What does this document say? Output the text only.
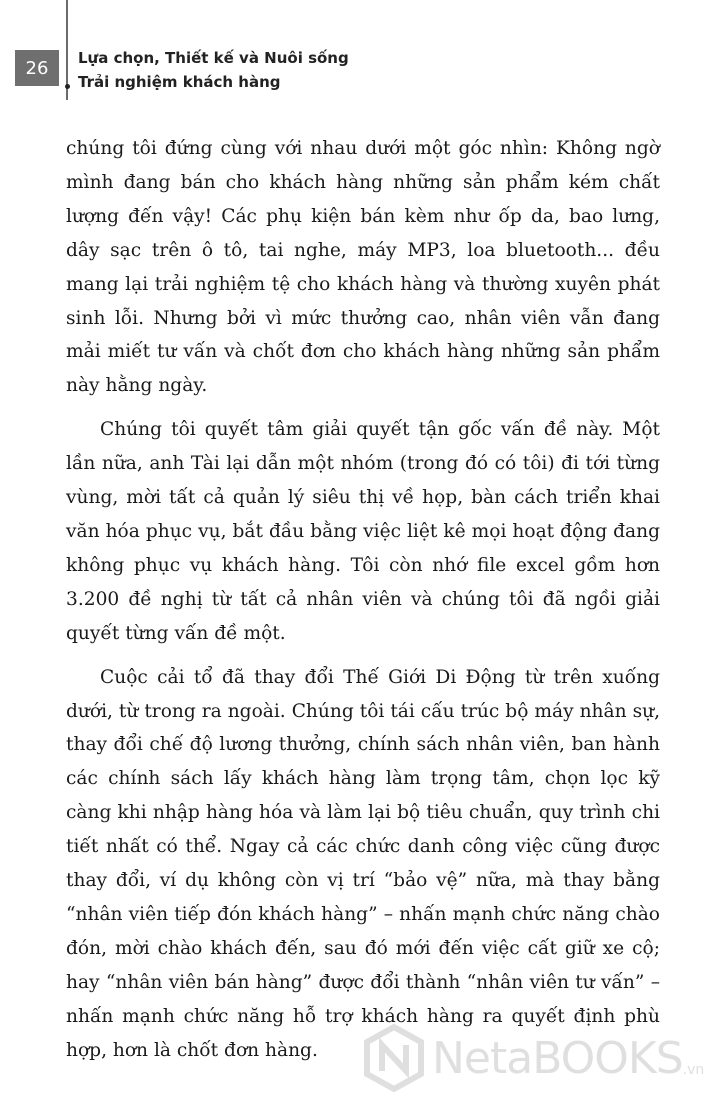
26	Lựa chọn, Thiết kế và Nuôi sống
Trải nghiệm khách hàng

chúng tôi đứng cùng với nhau dưới một góc nhìn: Không ngờ mình đang bán cho khách hàng những sản phẩm kém chất lượng đến vậy! Các phụ kiện bán kèm như ốp da, bao lưng, dây sạc trên ô tô, tai nghe, máy MP3, loa bluetooth... đều mang lại trải nghiệm tệ cho khách hàng và thường xuyên phát sinh lỗi. Nhưng bởi vì mức thưởng cao, nhân viên vẫn đang mải miết tư vấn và chốt đơn cho khách hàng những sản phẩm này hằng ngày.

Chúng tôi quyết tâm giải quyết tận gốc vấn đề này. Một lần nữa, anh Tài lại dẫn một nhóm (trong đó có tôi) đi tới từng vùng, mời tất cả quản lý siêu thị về họp, bàn cách triển khai văn hóa phục vụ, bắt đầu bằng việc liệt kê mọi hoạt động đang không phục vụ khách hàng. Tôi còn nhớ file excel gồm hơn 3.200 đề nghị từ tất cả nhân viên và chúng tôi đã ngồi giải quyết từng vấn đề một.

Cuộc cải tổ đã thay đổi Thế Giới Di Động từ trên xuống dưới, từ trong ra ngoài. Chúng tôi tái cấu trúc bộ máy nhân sự, thay đổi chế độ lương thưởng, chính sách nhân viên, ban hành các chính sách lấy khách hàng làm trọng tâm, chọn lọc kỹ càng khi nhập hàng hóa và làm lại bộ tiêu chuẩn, quy trình chi tiết nhất có thể. Ngay cả các chức danh công việc cũng được thay đổi, ví dụ không còn vị trí “bảo vệ” nữa, mà thay bằng “nhân viên tiếp đón khách hàng” – nhấn mạnh chức năng chào đón, mời chào khách đến, sau đó mới đến việc cất giữ xe cộ; hay “nhân viên bán hàng” được đổi thành “nhân viên tư vấn” – nhấn mạnh chức năng hỗ trợ khách hàng ra quyết định phù hợp, hơn là chốt đơn hàng.	NetaBOOKS .vn
